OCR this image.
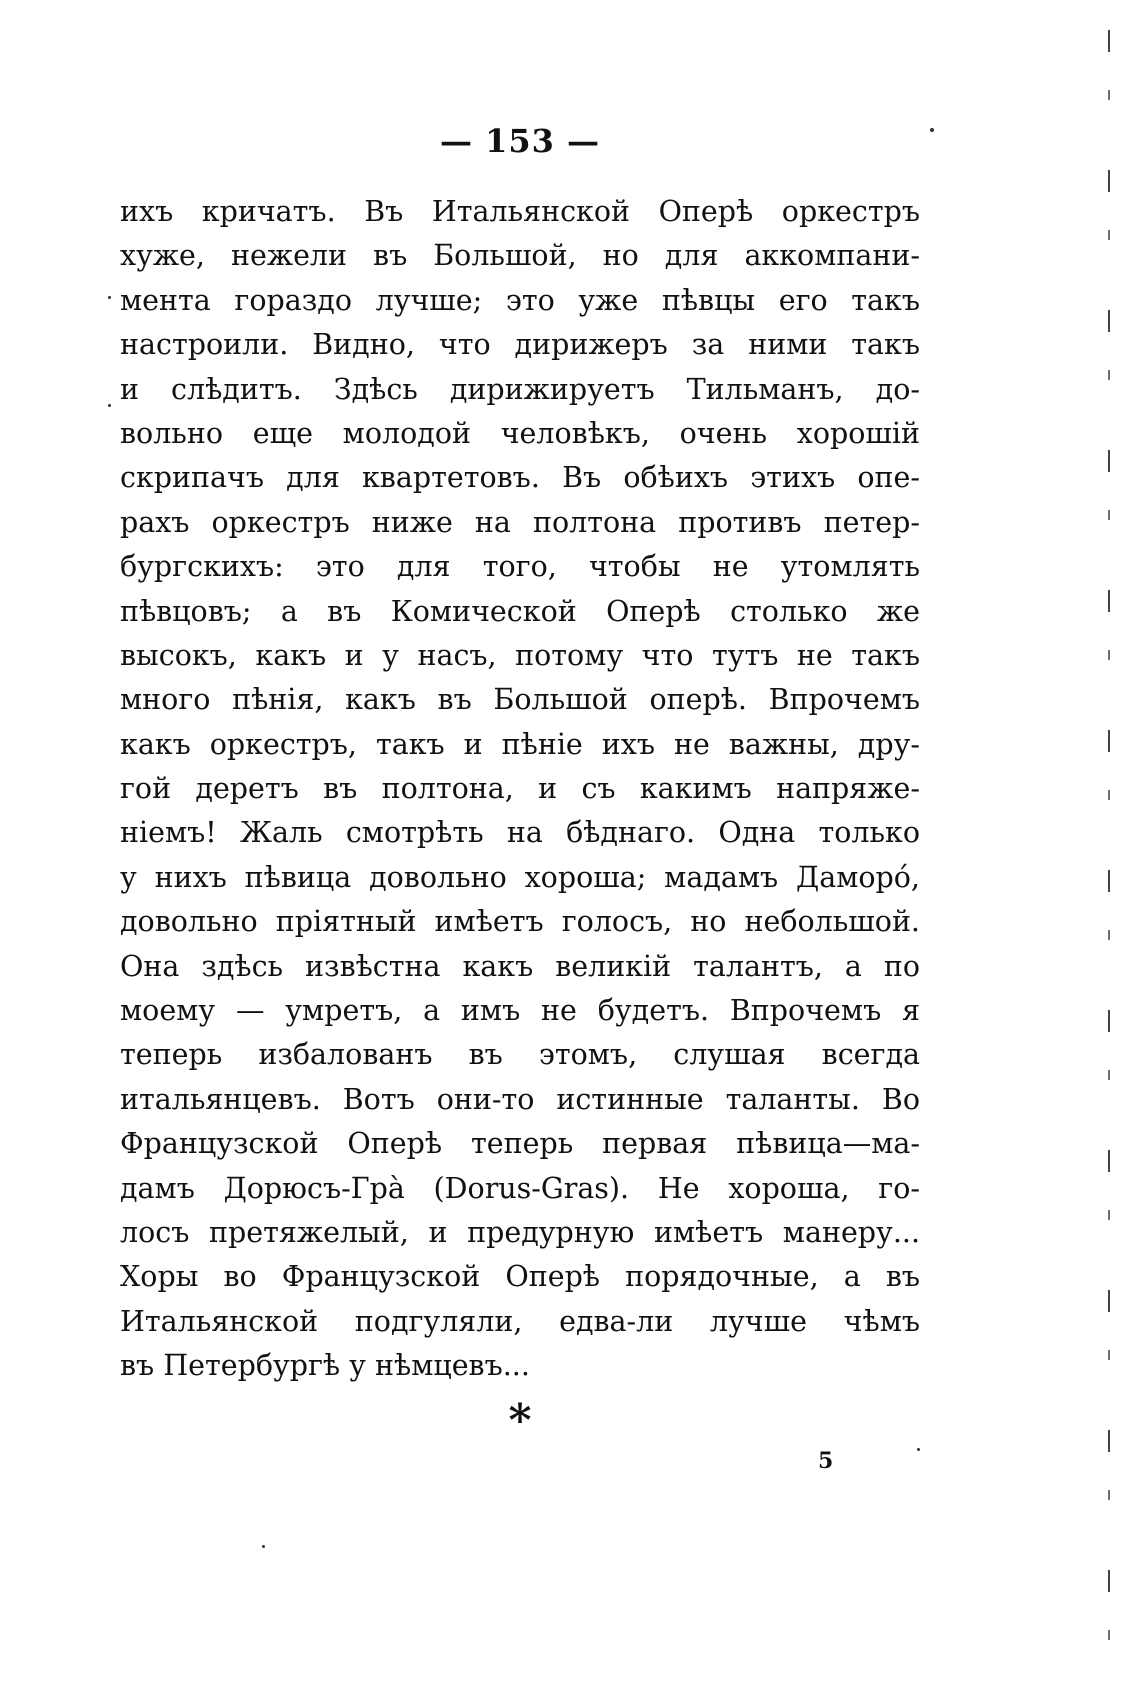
— 153 —
ихъ кричатъ. Въ Итальянской Оперѣ оркестръ
хуже, нежели въ Большой, но для аккомпани-
мента гораздо лучше; это уже пѣвцы его такъ
настроили. Видно, что дирижеръ за ними такъ
и слѣдитъ. Здѣсь дирижируетъ Тильманъ, до-
вольно еще молодой человѣкъ, очень хорошій
скрипачъ для квартетовъ. Въ обѣихъ этихъ опе-
рахъ оркестръ ниже на полтона противъ петер-
бургскихъ: это для того, чтобы не утомлять
пѣвцовъ; а въ Комической Оперѣ столько же
высокъ, какъ и у насъ, потому что тутъ не такъ
много пѣнія, какъ въ Большой оперѣ. Впрочемъ
какъ оркестръ, такъ и пѣніе ихъ не важны, дру-
гой деретъ въ полтона, и съ какимъ напряже-
ніемъ! Жаль смотрѣть на бѣднаго. Одна только
у нихъ пѣвица довольно хороша; мадамъ Даморó,
довольно пріятный имѣетъ голосъ, но небольшой.
Она здѣсь извѣстна какъ великій талантъ, а по
моему — умретъ, а имъ не будетъ. Впрочемъ я
теперь избалованъ въ этомъ, слушая всегда
итальянцевъ. Вотъ они-то истинные таланты. Во
Французской Оперѣ теперь первая пѣвица—ма-
дамъ Дорюсъ-Грà (Dorus-Gras). Не хороша, го-
лосъ претяжелый, и предурную имѣетъ манеру...
Хоры во Французской Оперѣ порядочные, а въ
Итальянской подгуляли, едва-ли лучше чѣмъ
въ Петербургѣ у нѣмцевъ...
*
5
